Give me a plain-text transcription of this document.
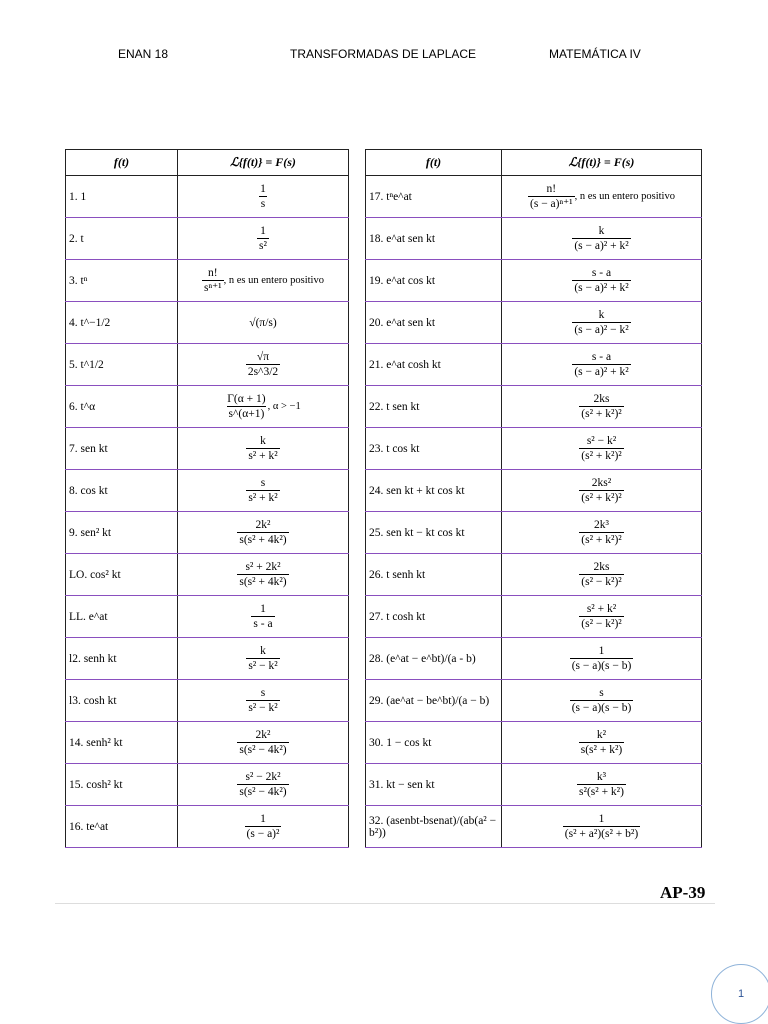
ENAN 18	TRANSFORMADAS DE LAPLACE	MATEMÁTICA IV
f(t)	ℒ{f(t)} = F(s)
1. 1	$\frac{1}{s}$

2. t	$\frac{1}{\text{s²}}$

3. tⁿ	$\frac{n!}{\text{sⁿ⁺¹}}$ , n es un entero positivo
4. t^−1/2	√(π/s)
5. t^1/2	$\frac{√\pi}{2s\^{}3/2}$

6. t^α	$\frac{\Gamma(\alpha + 1)}{s\^{}(\alpha+1)}$ , α > −1
7. sen kt	$\frac{k}{\text{s² + k²}}$

8. cos kt	$\frac{s}{\text{s² + k²}}$

9. sen² kt	$\frac{\text{2k²}}{\text{s(s² + 4k²)}}$

LO. cos² kt	$\frac{\text{s² + 2k²}}{\text{s(s² + 4k²)}}$

LL. e^at	$\frac{1}{s - a}$

l2. senh kt	$\frac{k}{\text{s² − k²}}$

l3. cosh kt	$\frac{s}{\text{s² − k²}}$

14. senh² kt	$\frac{\text{2k²}}{\text{s(s² − 4k²)}}$

15. cosh² kt	$\frac{\text{s² − 2k²}}{\text{s(s² − 4k²)}}$

16. te^at	$\frac{1}{\text{(s − a)²}}$
f(t)	ℒ{f(t)} = F(s)
17. tⁿe^at	$\frac{n!}{\text{(s − a)ⁿ⁺¹}}$ , n es un entero positivo
18. e^at sen kt	$\frac{k}{\text{(s − a)² + k²}}$

19. e^at cos kt	$\frac{s - a}{\text{(s − a)² + k²}}$

20. e^at sen kt	$\frac{k}{\text{(s − a)² − k²}}$

21. e^at cosh kt	$\frac{s - a}{\text{(s − a)² + k²}}$

22. t sen kt	$\frac{2ks}{\text{(s² + k²)²}}$

23. t cos kt	$\frac{\text{s² − k²}}{\text{(s² + k²)²}}$

24. sen kt + kt cos kt	$\frac{\text{2ks²}}{\text{(s² + k²)²}}$

25. sen kt − kt cos kt	$\frac{\text{2k³}}{\text{(s² + k²)²}}$

26. t senh kt	$\frac{2ks}{\text{(s² − k²)²}}$

27. t cosh kt	$\frac{\text{s² + k²}}{\text{(s² − k²)²}}$

28. (e^at − e^bt)/(a - b)	$\frac{1}{(s - a)(s - b)}$

29. (ae^at − be^bt)/(a − b)	$\frac{s}{(s - a)(s - b)}$

30. 1 − cos kt	$\frac{\text{k²}}{\text{s(s² + k²)}}$

31. kt − sen kt	$\frac{\text{k³}}{\text{s²(s² + k²)}}$

32. (asenbt-bsenat)/(ab(a² − b²))	$\frac{1}{\text{(s² + a²)(s² + b²)}}$
AP-39
1
